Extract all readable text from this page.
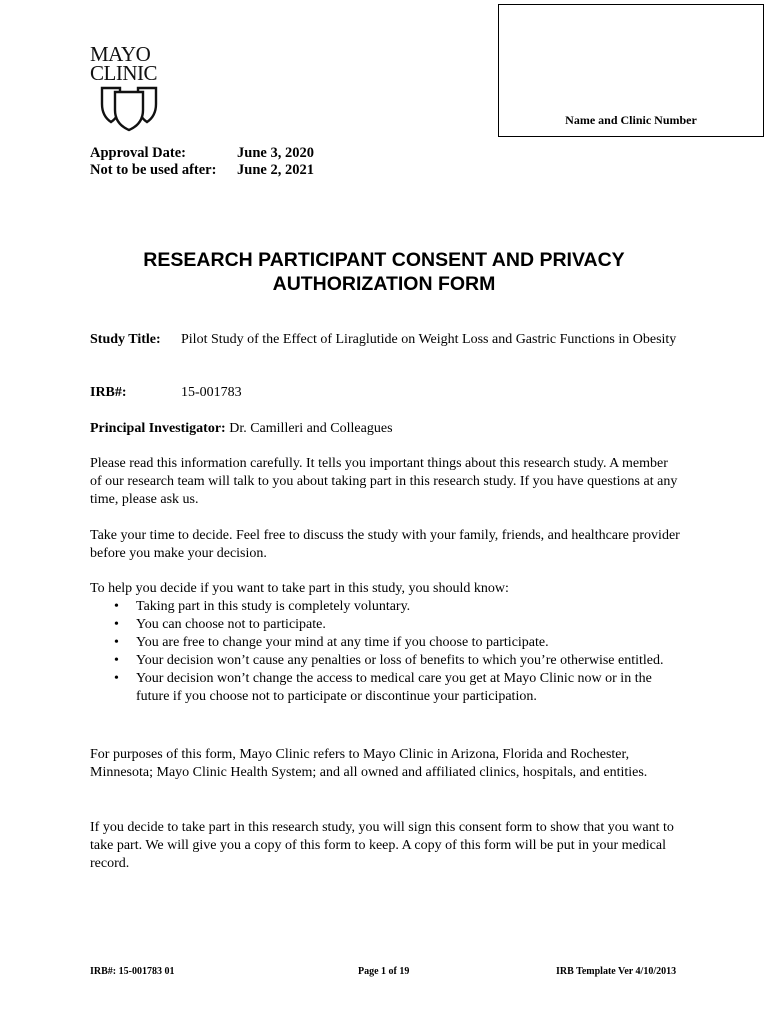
MAYO
CLINIC
Name and Clinic Number
Approval Date:	June 3, 2020
Not to be used after:	June 2, 2021
RESEARCH PARTICIPANT CONSENT AND PRIVACY
AUTHORIZATION FORM
Study Title:	Pilot Study of the Effect of Liraglutide on Weight Loss and Gastric Functions in Obesity
IRB#:	15-001783
Principal Investigator: Dr. Camilleri and Colleagues
Please read this information carefully. It tells you important things about this research study. A member of our research team will talk to you about taking part in this research study. If you have questions at any time, please ask us.
Take your time to decide. Feel free to discuss the study with your family, friends, and healthcare provider before you make your decision.
To help you decide if you want to take part in this study, you should know:
• Taking part in this study is completely voluntary.
• You can choose not to participate.
• You are free to change your mind at any time if you choose to participate.
• Your decision won’t cause any penalties or loss of benefits to which you’re otherwise entitled.
• Your decision won’t change the access to medical care you get at Mayo Clinic now or in the future if you choose not to participate or discontinue your participation.
For purposes of this form, Mayo Clinic refers to Mayo Clinic in Arizona, Florida and Rochester, Minnesota; Mayo Clinic Health System; and all owned and affiliated clinics, hospitals, and entities.
If you decide to take part in this research study, you will sign this consent form to show that you want to take part. We will give you a copy of this form to keep. A copy of this form will be put in your medical record.
IRB#: 15-001783 01	Page 1 of 19	IRB Template Ver 4/10/2013
